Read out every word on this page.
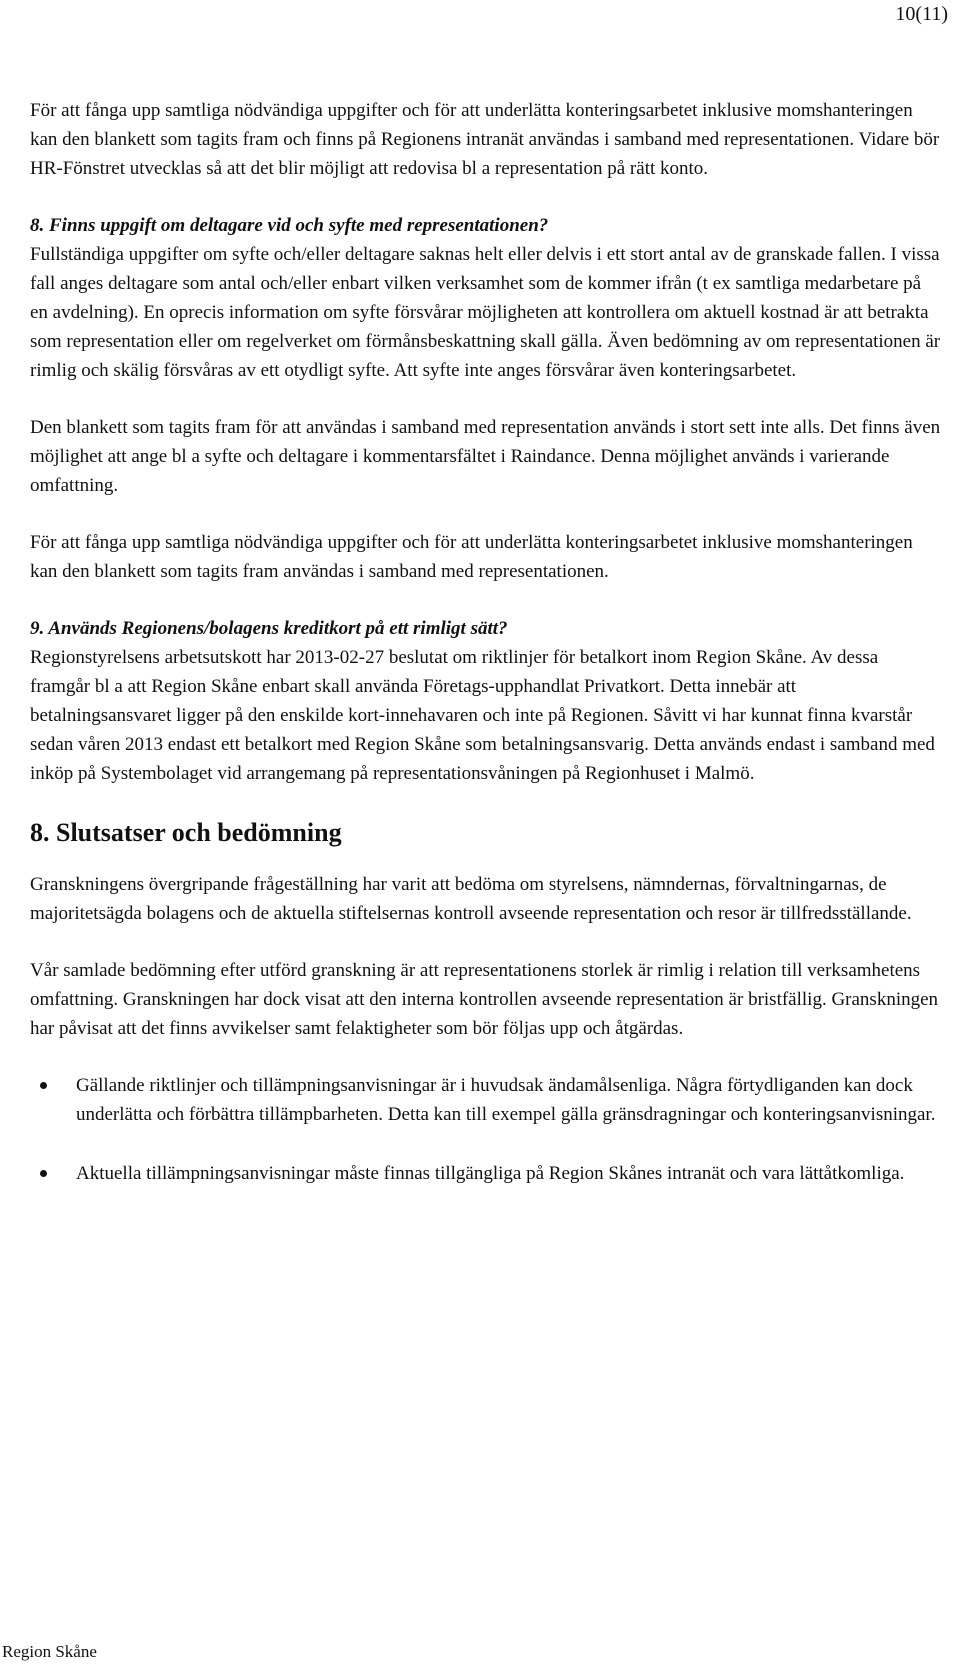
10(11)

För att fånga upp samtliga nödvändiga uppgifter och för att underlätta konteringsarbetet inklusive momshanteringen kan den blankett som tagits fram och finns på Regionens intranät användas i samband med representationen. Vidare bör HR-Fönstret utvecklas så att det blir möjligt att redovisa bl a representation på rätt konto.

8. Finns uppgift om deltagare vid och syfte med representationen?
Fullständiga uppgifter om syfte och/eller deltagare saknas helt eller delvis i ett stort antal av de granskade fallen. I vissa fall anges deltagare som antal och/eller enbart vilken verksamhet som de kommer ifrån (t ex samtliga medarbetare på en avdelning). En oprecis information om syfte försvårar möjligheten att kontrollera om aktuell kostnad är att betrakta som representation eller om regelverket om förmånsbeskattning skall gälla. Även bedömning av om representationen är rimlig och skälig försvåras av ett otydligt syfte. Att syfte inte anges försvårar även konteringsarbetet.

Den blankett som tagits fram för att användas i samband med representation används i stort sett inte alls. Det finns även möjlighet att ange bl a syfte och deltagare i kommentarsfältet i Raindance. Denna möjlighet används i varierande omfattning.

För att fånga upp samtliga nödvändiga uppgifter och för att underlätta konteringsarbetet inklusive momshanteringen kan den blankett som tagits fram användas i samband med representationen.

9. Används Regionens/bolagens kreditkort på ett rimligt sätt?
Regionstyrelsens arbetsutskott har 2013-02-27 beslutat om riktlinjer för betalkort inom Region Skåne. Av dessa framgår bl a att Region Skåne enbart skall använda Företags-upphandlat Privatkort. Detta innebär att betalningsansvaret ligger på den enskilde kort-innehavaren och inte på Regionen. Såvitt vi har kunnat finna kvarstår sedan våren 2013 endast ett betalkort med Region Skåne som betalningsansvarig. Detta används endast i samband med inköp på Systembolaget vid arrangemang på representationsvåningen på Regionhuset i Malmö.

8. Slutsatser och bedömning

Granskningens övergripande frågeställning har varit att bedöma om styrelsens, nämndernas, förvaltningarnas, de majoritetsägda bolagens och de aktuella stiftelsernas kontroll avseende representation och resor är tillfredsställande.

Vår samlade bedömning efter utförd granskning är att representationens storlek är rimlig i relation till verksamhetens omfattning. Granskningen har dock visat att den interna kontrollen avseende representation är bristfällig. Granskningen har påvisat att det finns avvikelser samt felaktigheter som bör följas upp och åtgärdas.

Gällande riktlinjer och tillämpningsanvisningar är i huvudsak ändamålsenliga. Några förtydliganden kan dock underlätta och förbättra tillämpbarheten. Detta kan till exempel gälla gränsdragningar och konteringsanvisningar.
Aktuella tillämpningsanvisningar måste finnas tillgängliga på Region Skånes intranät och vara lättåtkomliga.
Region Skåne
